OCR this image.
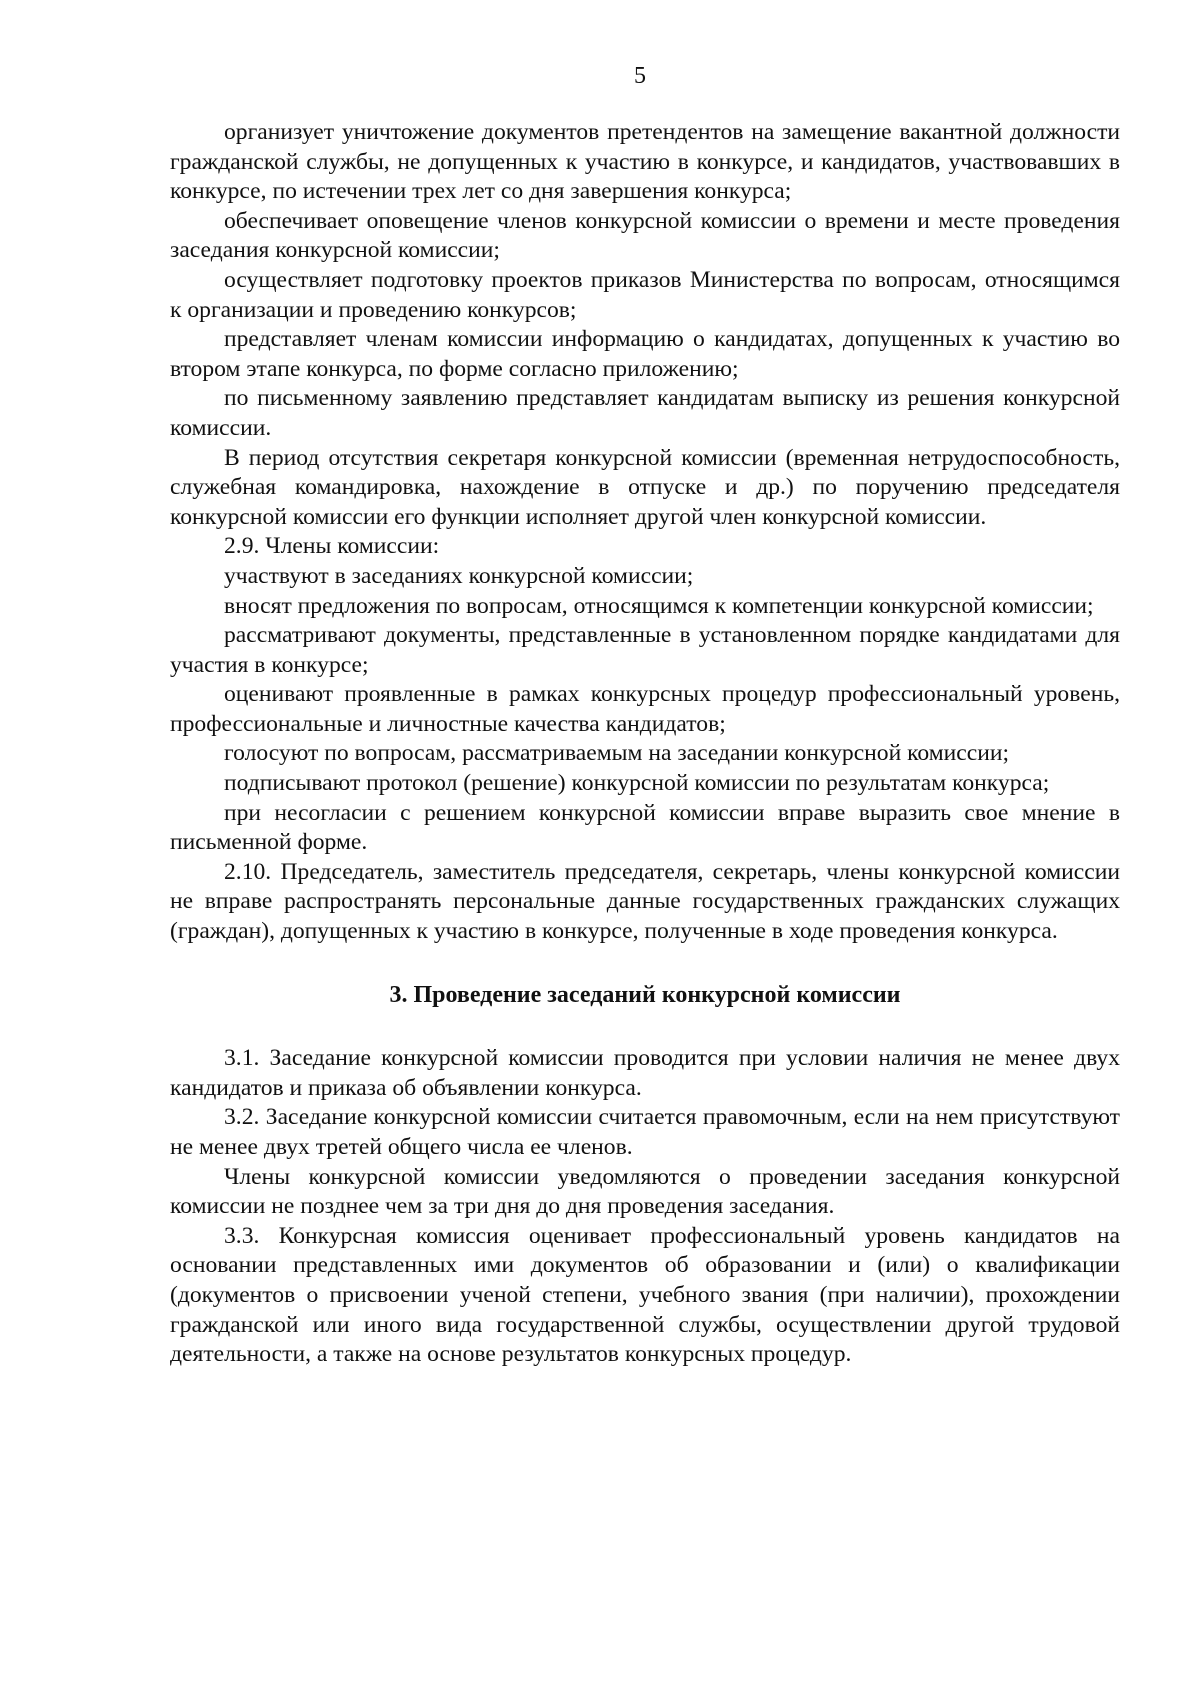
5

организует уничтожение документов претендентов на замещение вакантной должности гражданской службы, не допущенных к участию в конкурсе, и кандидатов, участвовавших в конкурсе, по истечении трех лет со дня завершения конкурса;

обеспечивает оповещение членов конкурсной комиссии о времени и месте проведения заседания конкурсной комиссии;

осуществляет подготовку проектов приказов Министерства по вопросам, относящимся к организации и проведению конкурсов;

представляет членам комиссии информацию о кандидатах, допущенных к участию во втором этапе конкурса, по форме согласно приложению;

по письменному заявлению представляет кандидатам выписку из решения конкурсной комиссии.

В период отсутствия секретаря конкурсной комиссии (временная нетрудоспособность, служебная командировка, нахождение в отпуске и др.) по поручению председателя конкурсной комиссии его функции исполняет другой член конкурсной комиссии.

2.9. Члены комиссии:

участвуют в заседаниях конкурсной комиссии;

вносят предложения по вопросам, относящимся к компетенции конкурсной комиссии;

рассматривают документы, представленные в установленном порядке кандидатами для участия в конкурсе;

оценивают проявленные в рамках конкурсных процедур профессиональный уровень, профессиональные и личностные качества кандидатов;

голосуют по вопросам, рассматриваемым на заседании конкурсной комиссии;

подписывают протокол (решение) конкурсной комиссии по результатам конкурса;

при несогласии с решением конкурсной комиссии вправе выразить свое мнение в письменной форме.

2.10. Председатель, заместитель председателя, секретарь, члены конкурсной комиссии не вправе распространять персональные данные государственных гражданских служащих (граждан), допущенных к участию в конкурсе, полученные в ходе проведения конкурса.

3. Проведение заседаний конкурсной комиссии

3.1. Заседание конкурсной комиссии проводится при условии наличия не менее двух кандидатов и приказа об объявлении конкурса.

3.2. Заседание конкурсной комиссии считается правомочным, если на нем присутствуют не менее двух третей общего числа ее членов.

Члены конкурсной комиссии уведомляются о проведении заседания конкурсной комиссии не позднее чем за три дня до дня проведения заседания.

3.3. Конкурсная комиссия оценивает профессиональный уровень кандидатов на основании представленных ими документов об образовании и (или) о квалификации (документов о присвоении ученой степени, учебного звания (при наличии), прохождении гражданской или иного вида государственной службы, осуществлении другой трудовой деятельности, а также на основе результатов конкурсных процедур.
